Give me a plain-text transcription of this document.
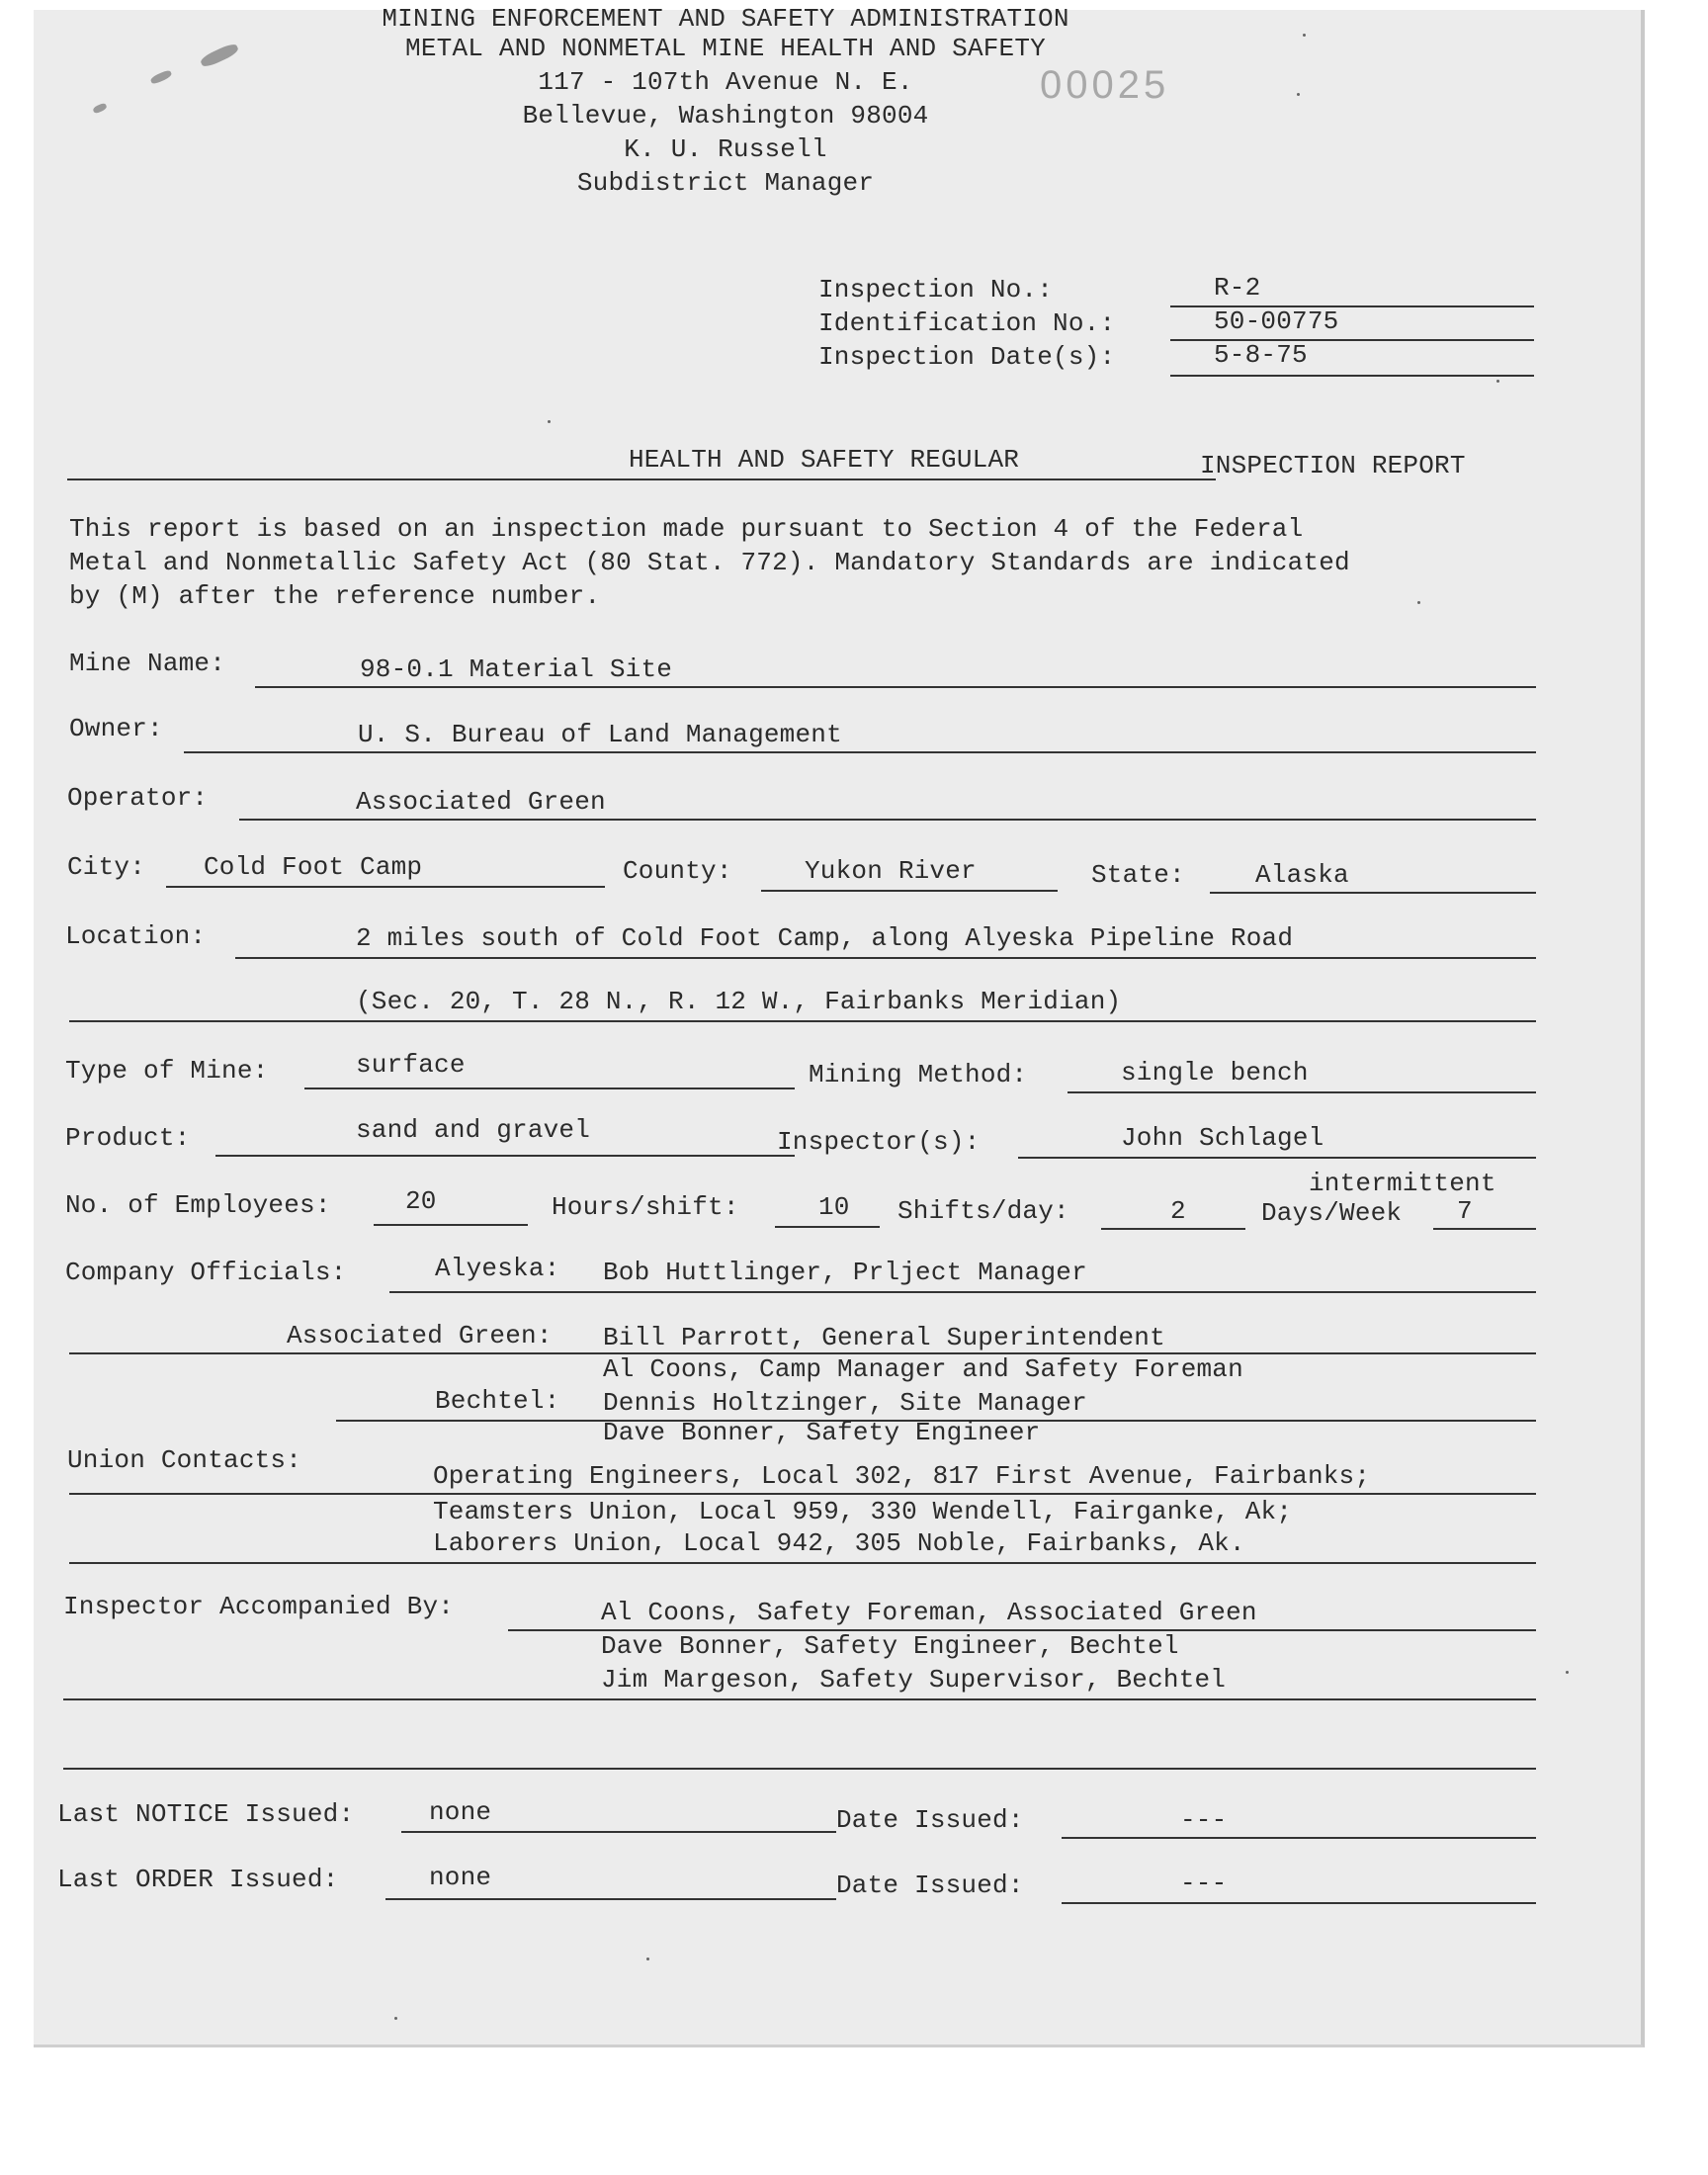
MINING ENFORCEMENT AND SAFETY ADMINISTRATION
METAL AND NONMETAL MINE HEALTH AND SAFETY
117 - 107th Avenue N. E.
Bellevue, Washington 98004
K. U. Russell
Subdistrict Manager
00025
Inspection No.:	R-2
Identification No.:	50-00775
Inspection Date(s):	5-8-75
HEALTH AND SAFETY REGULAR	INSPECTION REPORT
This report is based on an inspection made pursuant to Section 4 of the Federal
Metal and Nonmetallic Safety Act (80 Stat. 772). Mandatory Standards are indicated
by (M) after the reference number.
Mine Name:	98-0.1 Material Site
Owner:	U. S. Bureau of Land Management
Operator:	Associated Green
City: Cold Foot Camp	County:	Yukon River	State:	Alaska
Location:	2 miles south of Cold Foot Camp, along Alyeska Pipeline Road
(Sec. 20, T. 28 N., R. 12 W., Fairbanks Meridian)
Type of Mine:	surface	Mining Method:	single bench
Product:	sand and gravel	Inspector(s):	John Schlagel
No. of Employees:	20	Hours/shift:	10 Shifts/day:	2
intermittent
Days/Week 7
Company Officials:	Alyeska: Bob Huttlinger, Prlject Manager
Associated Green: Bill Parrott, General Superintendent
Al Coons, Camp Manager and Safety Foreman
Bechtel: Dennis Holtzinger, Site Manager
Dave Bonner, Safety Engineer
Union Contacts:
Operating Engineers, Local 302, 817 First Avenue, Fairbanks;
Teamsters Union, Local 959, 330 Wendell, Fairganke, Ak;
Laborers Union, Local 942, 305 Noble, Fairbanks, Ak.
Inspector Accompanied By:	Al Coons, Safety Foreman, Associated Green
Dave Bonner, Safety Engineer, Bechtel
Jim Margeson, Safety Supervisor, Bechtel
Last NOTICE Issued:	none	Date Issued:	---
Last ORDER Issued:	none	Date Issued:	---
